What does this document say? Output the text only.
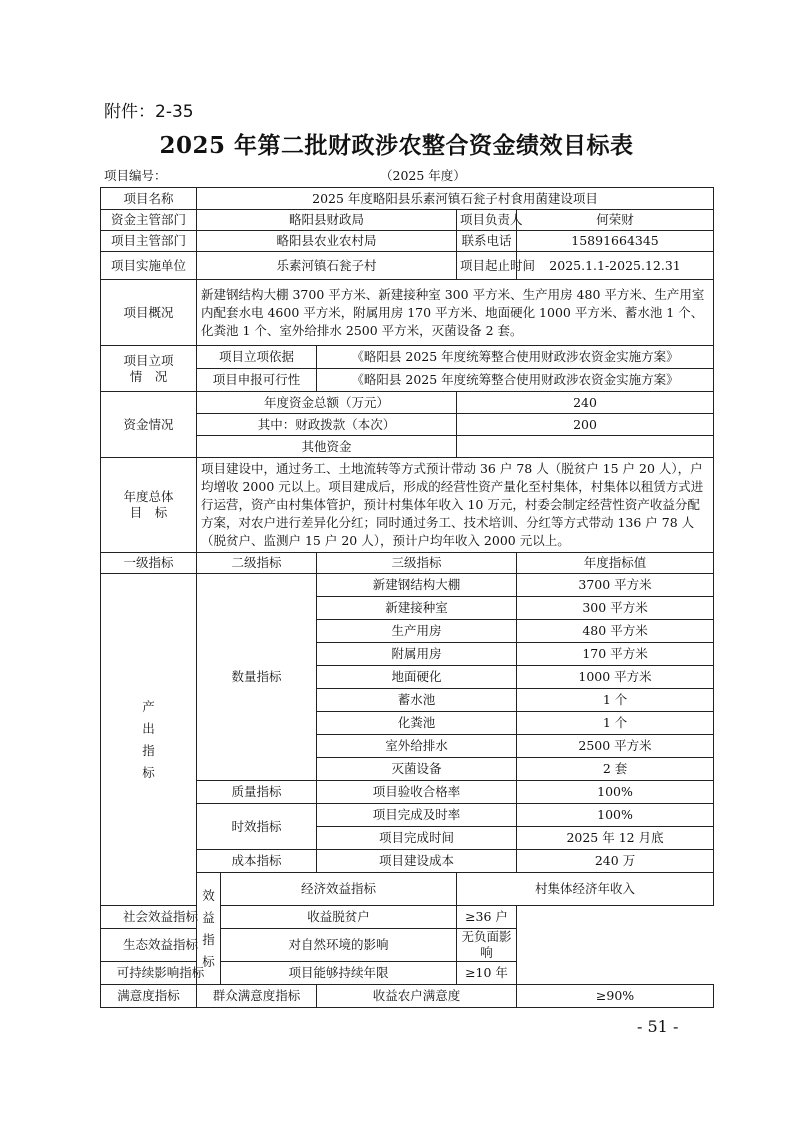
附件：2-35
2025 年第二批财政涉农整合资金绩效目标表
项目编号：	（2025 年度）
项目名称	2025 年度略阳县乐素河镇石瓮子村食用菌建设项目					
资金主管部门	略阳县财政局			项目负责人	何荣财	
项目主管部门	略阳县农业农村局			联系电话	15891664345	
项目实施单位	乐素河镇石瓮子村			项目起止时间	2025.1.1-2025.12.31	
项目概况	新建钢结构大棚 3700 平方米、新建接种室 300 平方米、生产用房 480 平方米、生产用室内配套水电 4600 平方米，附属用房 170 平方米、地面硬化 1000 平方米、蓄水池 1 个、化粪池 1 个、室外给排水 2500 平方米，灭菌设备 2 套。					

项目立项
情　况	项目立项依据		《略阳县 2025 年度统筹整合使用财政涉农资金实施方案》			
	项目申报可行性		《略阳县 2025 年度统筹整合使用财政涉农资金实施方案》			
资金情况	年度资金总额（万元）			240		
	其中：财政拨款（本次）			200		
	其他资金					

年度总体
目　标	项目建设中，通过务工、土地流转等方式预计带动 36 户 78 人（脱贫户 15 户 20 人），户均增收 2000 元以上。项目建成后，形成的经营性资产量化至村集体，村集体以租赁方式进行运营，资产由村集体管护，预计村集体年收入 10 万元，村委会制定经营性资产收益分配方案，对农户进行差异化分红；同时通过务工、技术培训、分红等方式带动 136 户 78 人（脱贫户、监测户 15 户 20 人），预计户均年收入 2000 元以上。					
一级指标	二级指标		三级指标		年度指标值	

产
出
指
标	数量指标		新建钢结构大棚		3700 平方米	
			新建接种室		300 平方米	
			生产用房		480 平方米	
			附属用房		170 平方米	
			地面硬化		1000 平方米	
			蓄水池		1 个	
			化粪池		1 个	
			室外给排水		2500 平方米	
			灭菌设备		2 套	
	质量指标		项目验收合格率		100%	
	时效指标		项目完成及时率		100%	
			项目完成时间		2025 年 12 月底	
	成本指标		项目建设成本		240 万	

	效
益
指
标	经济效益指标		村集体经济年收入	
社会效益指标		收益脱贫户		≥36 户		
生态效益指标		对自然环境的影响		无负面影响		
可持续影响指标		项目能够持续年限		≥10 年		
满意度指标	群众满意度指标		收益农户满意度		≥90%	
- 51 -
